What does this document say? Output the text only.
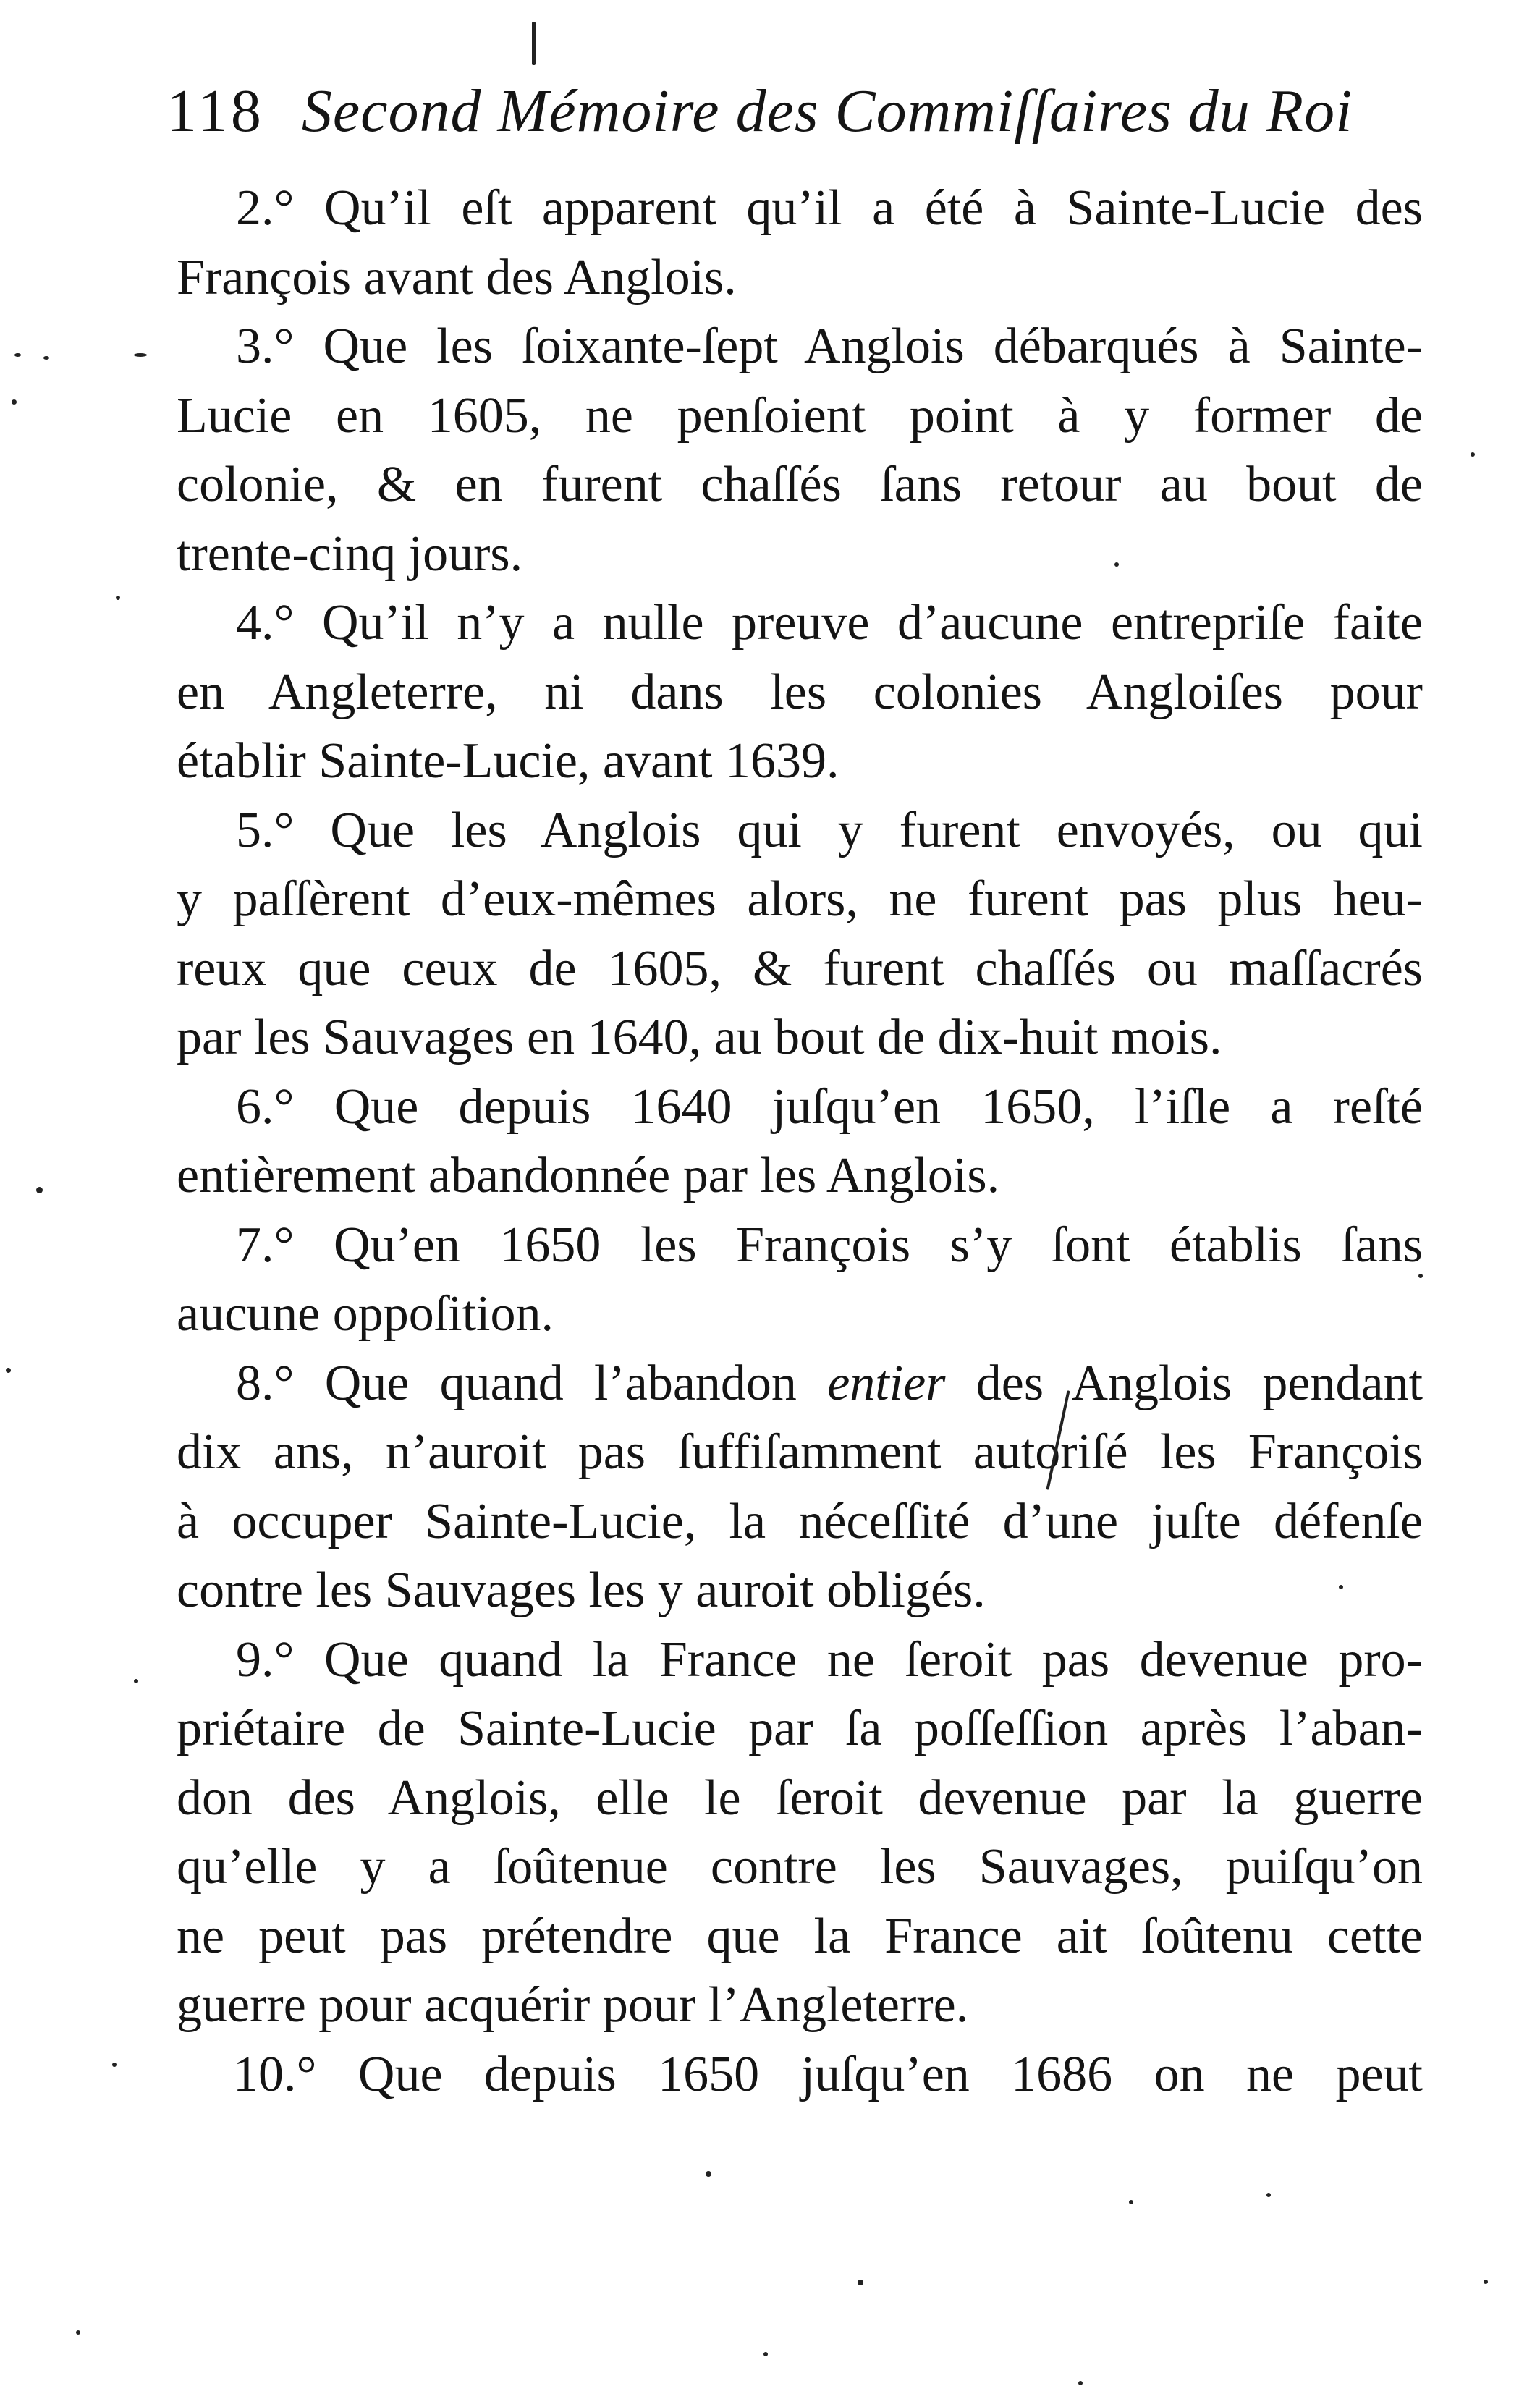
118 Second Mémoire des Commiſſaires du Roi
2.° Qu’il eſt apparent qu’il a été à Sainte-Lucie des
François avant des Anglois.
3.° Que les ſoixante-ſept Anglois débarqués à Sainte-
Lucie en 1605, ne penſoient point à y former de
colonie, & en furent chaſſés ſans retour au bout de
trente-cinq jours.
4.° Qu’il n’y a nulle preuve d’aucune entrepriſe faite
en Angleterre, ni dans les colonies Angloiſes pour
établir Sainte-Lucie, avant 1639.
5.° Que les Anglois qui y furent envoyés, ou qui
y paſſèrent d’eux-mêmes alors, ne furent pas plus heu-
reux que ceux de 1605, & furent chaſſés ou maſſacrés
par les Sauvages en 1640, au bout de dix-huit mois.
6.° Que depuis 1640 juſqu’en 1650, l’iſle a reſté
entièrement abandonnée par les Anglois.
7.° Qu’en 1650 les François s’y ſont établis ſans
aucune oppoſition.
8.° Que quand l’abandon entier des Anglois pendant
dix ans, n’auroit pas ſuffiſamment autoriſé les François
à occuper Sainte-Lucie, la néceſſité d’une juſte défenſe
contre les Sauvages les y auroit obligés.
9.° Que quand la France ne ſeroit pas devenue pro-
priétaire de Sainte-Lucie par ſa poſſeſſion après l’aban-
don des Anglois, elle le ſeroit devenue par la guerre
qu’elle y a ſoûtenue contre les Sauvages, puiſqu’on
ne peut pas prétendre que la France ait ſoûtenu cette
guerre pour acquérir pour l’Angleterre.
10.° Que depuis 1650 juſqu’en 1686 on ne peut
